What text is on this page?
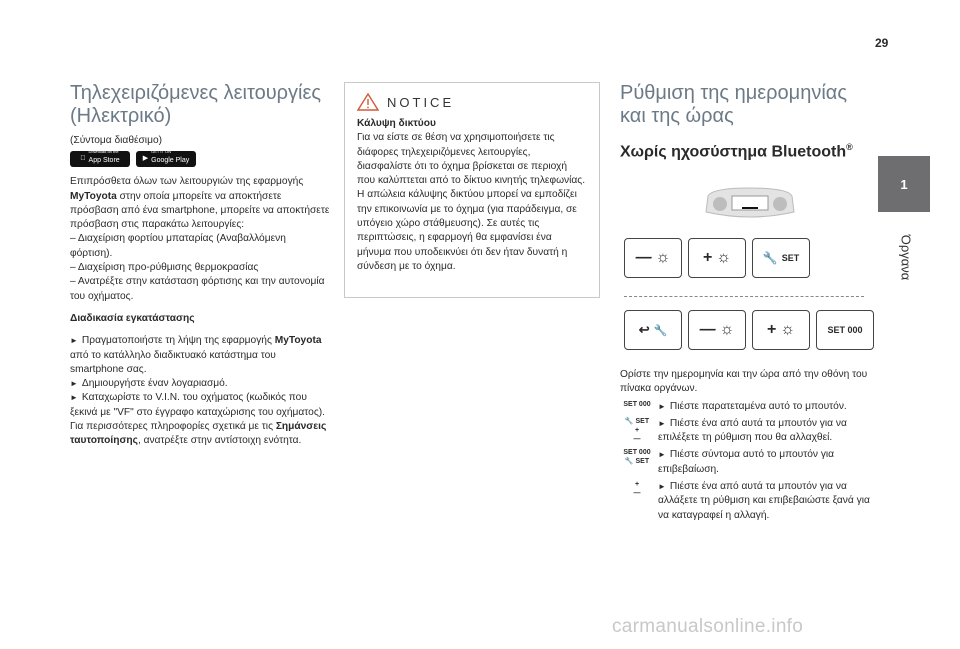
29
1
Όργανα
Τηλεχειριζόμενες λειτουργίες (Ηλεκτρικό)

(Σύντομα διαθέσιμο)

Download on the
App Store	▶
GET IT ON
Google Play

Επιπρόσθετα όλων των λειτουργιών της εφαρμογής MyToyota στην οποία μπορείτε να αποκτήσετε πρόσβαση από ένα smartphone, μπορείτε να αποκτήσετε πρόσβαση στις παρακάτω λειτουργίες:

– Διαχείριση φορτίου μπαταρίας (Αναβαλλόμενη φόρτιση).

– Διαχείριση προ-ρύθμισης θερμοκρασίας

– Ανατρέξτε στην κατάσταση φόρτισης και την αυτονομία του οχήματος.

Διαδικασία εγκατάστασης

► Πραγματοποιήστε τη λήψη της εφαρμογής MyToyota από το κατάλληλο διαδικτυακό κατάστημα του smartphone σας.

► Δημιουργήστε έναν λογαριασμό.

► Καταχωρίστε το V.I.N. του οχήματος (κωδικός που ξεκινά με "VF" στο έγγραφο καταχώρισης του οχήματος).

Για περισσότερες πληροφορίες σχετικά με τις Σημάνσεις ταυτοποίησης, ανατρέξτε στην αντίστοιχη ενότητα.

NOTICE

Κάλυψη δικτύου

Για να είστε σε θέση να χρησιμοποιήσετε τις διάφορες τηλεχειριζόμενες λειτουργίες, διασφαλίστε ότι το όχημα βρίσκεται σε περιοχή που καλύπτεται από το δίκτυο κινητής τηλεφωνίας.

Η απώλεια κάλυψης δικτύου μπορεί να εμποδίζει την επικοινωνία με το όχημα (για παράδειγμα, σε υπόγειο χώρο στάθμευσης). Σε αυτές τις περιπτώσεις, η εφαρμογή θα εμφανίσει ένα μήνυμα που υποδεικνύει ότι δεν ήταν δυνατή η σύνδεση με το όχημα.

Ρύθμιση της ημερομηνίας και της ώρας
Χωρίς ηχοσύστημα Bluetooth®
— ☼	+ ☼	🔧 SET
↩ 🔧	— ☼	+ ☼	SET 000

Ορίστε την ημερομηνία και την ώρα από την οθόνη του πίνακα οργάνων.

SET 000 ► Πιέστε παρατεταμένα αυτό το μπουτόν.

🔧 SET
+
—

► Πιέστε ένα από αυτά τα μπουτόν για να επιλέξετε τη ρύθμιση που θα αλλαχθεί.

SET 000
🔧 SET

► Πιέστε σύντομα αυτό το μπουτόν για επιβεβαίωση.

+
—

► Πιέστε ένα από αυτά τα μπουτόν για να αλλάξετε τη ρύθμιση και επιβεβαιώστε ξανά για να καταγραφεί η αλλαγή.

carmanualsonline.info
